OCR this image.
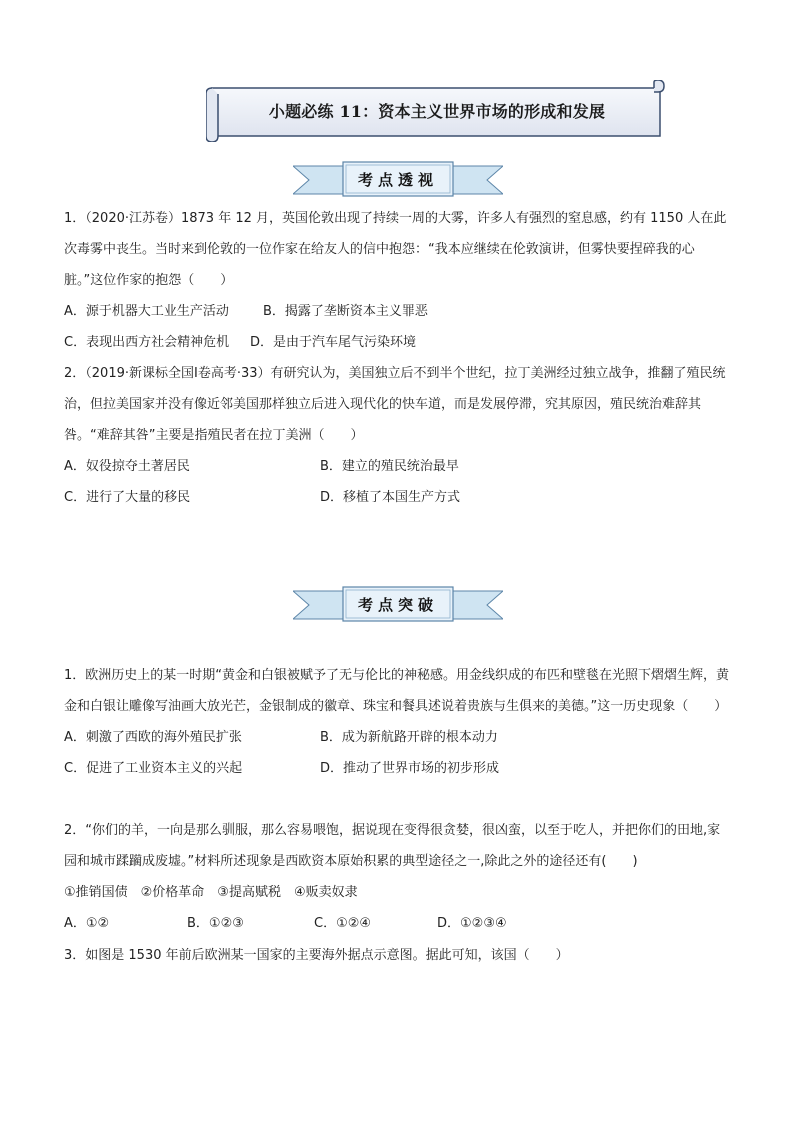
小题必练 11：资本主义世界市场的形成和发展
考点透视

1．（2020·江苏卷）1873 年 12 月，英国伦敦出现了持续一周的大雾，许多人有强烈的窒息感，约有 1150 人在此次毒雾中丧生。当时来到伦敦的一位作家在给友人的信中抱怨：“我本应继续在伦敦演讲，但雾快要捏碎我的心脏。”这位作家的抱怨（　　）

A．源于机器大工业生产活动	B．揭露了垄断资本主义罪恶
C．表现出西方社会精神危机	D．是由于汽车尾气污染环境

2．（2019·新课标全国Ⅰ卷高考·33）有研究认为，美国独立后不到半个世纪，拉丁美洲经过独立战争，推翻了殖民统治，但拉美国家并没有像近邻美国那样独立后进入现代化的快车道，而是发展停滞，究其原因，殖民统治难辞其咎。“难辞其咎”主要是指殖民者在拉丁美洲（　　）

A．奴役掠夺土著居民	B．建立的殖民统治最早
C．进行了大量的移民	D．移植了本国生产方式
考点突破

1．欧洲历史上的某一时期“黄金和白银被赋予了无与伦比的神秘感。用金线织成的布匹和壁毯在光照下熠熠生辉，黄金和白银让雕像写油画大放光芒，金银制成的徽章、珠宝和餐具述说着贵族与生俱来的美德。”这一历史现象（　　）

A．刺激了西欧的海外殖民扩张	B．成为新航路开辟的根本动力
C．促进了工业资本主义的兴起	D．推动了世界市场的初步形成

2．“你们的羊，一向是那么驯服，那么容易喂饱，据说现在变得很贪婪，很凶蛮，以至于吃人，并把你们的田地,家园和城市蹂躏成废墟。”材料所述现象是西欧资本原始积累的典型途径之一,除此之外的途径还有(　　)

①推销国债　②价格革命　③提高赋税　④贩卖奴隶

A．①②	B．①②③	C．①②④	D．①②③④

3．如图是 1530 年前后欧洲某一国家的主要海外据点示意图。据此可知，该国（　　）
